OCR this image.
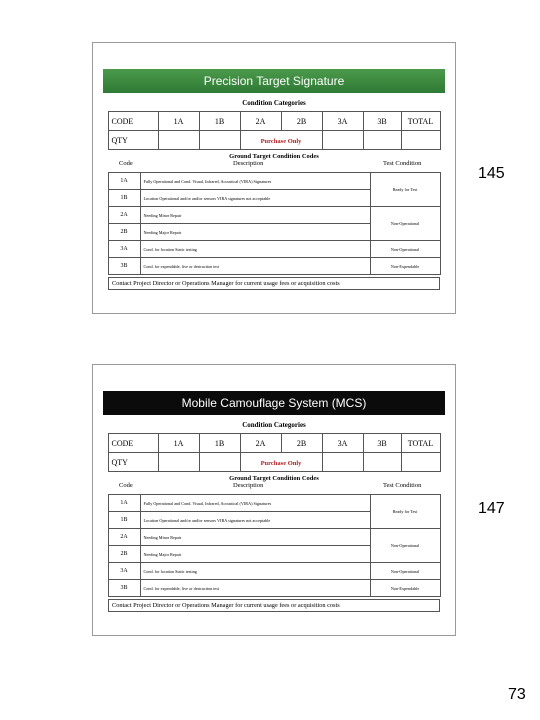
Precision Target Signature
Condition Categories
CODE	1A	1B	2A	2B	3A	3B	TOTAL
QTY			Purchase Only				
Ground Target Condition Codes
Code	Description	Test Condition
1A	Fully Operational and Cond. Visual, Infrared, Acoustical (VIRA) Signatures	Ready for Test
1B	Location Operational and/or and/or sensors VIRA signatures not acceptable	
2A	Needing Minor Repair	Non-Operational
2B	Needing Major Repair	
3A	Cond. for location Static testing	Non-Operational
3B	Cond. for expendable, live or destruction test	Non-Expendable
Contact Project Director or Operations Manager for current usage fees or acquisition costs
145
Mobile Camouflage System (MCS)
Condition Categories
CODE	1A	1B	2A	2B	3A	3B	TOTAL
QTY			Purchase Only				
Ground Target Condition Codes
Code	Description	Test Condition
1A	Fully Operational and Cond. Visual, Infrared, Acoustical (VIRA) Signatures	Ready for Test
1B	Location Operational and/or and/or sensors VIRA signatures not acceptable	
2A	Needing Minor Repair	Non-Operational
2B	Needing Major Repair	
3A	Cond. for location Static testing	Non-Operational
3B	Cond. for expendable, live or destruction test	Non-Expendable
Contact Project Director or Operations Manager for current usage fees or acquisition costs
147
73
